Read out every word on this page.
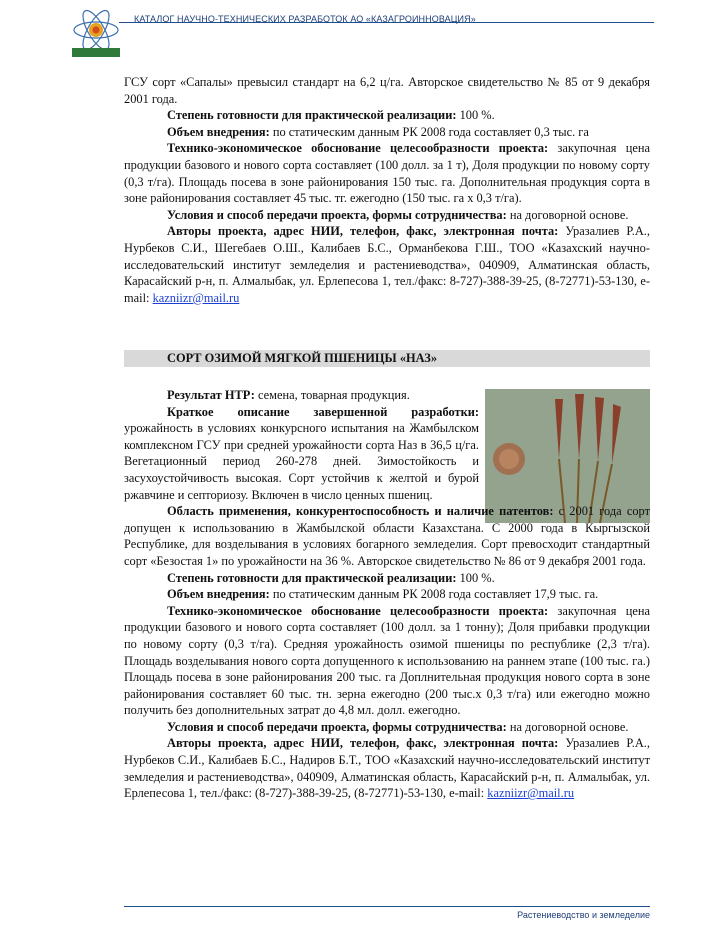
КАТАЛОГ НАУЧНО-ТЕХНИЧЕСКИХ РАЗРАБОТОК АО «КАЗАГРОИННОВАЦИЯ»

ГСУ сорт «Сапалы» превысил стандарт на 6,2 ц/га. Авторское свидетельство № 85 от 9 декабря 2001 года.

Степень готовности для практической реализации: 100 %.

Объем внедрения: по статическим данным РК 2008 года составляет 0,3 тыс. га

Технико-экономическое обоснование целесообразности проекта: закупочная цена продукции базового и нового сорта составляет (100 долл. за 1 т), Доля продукции по новому сорту (0,3 т/га). Площадь посева в зоне районирования 150 тыс. га. Дополнительная продукция сорта в зоне районирования составляет 45 тыс. тг. ежегодно (150 тыс. га х 0,3 т/га).

Условия и способ передачи проекта, формы сотрудничества: на договорной основе.

Авторы проекта, адрес НИИ, телефон, факс, электронная почта: Уразалиев Р.А., Нурбеков С.И., Шегебаев О.Ш., Калибаев Б.С., Орманбекова Г.Ш., ТОО «Казахский научно-исследовательский институт земледелия и растениеводства», 040909, Алматинская область, Карасайский р-н, п. Алмалыбак, ул. Ерлепесова 1, тел./факс: 8-727)-388-39-25, (8-72771)-53-130, e-mail: kazniizr@mail.ru

СОРТ ОЗИМОЙ МЯГКОЙ ПШЕНИЦЫ «НАЗ»

Результат НТР: семена, товарная продукция.

Краткое описание завершенной разработки: урожайность в условиях конкурсного испытания на Жамбылском комплексном ГСУ при средней урожайности сорта Наз в 36,5 ц/га. Вегетационный период 260-278 дней. Зимостойкость и засухоустойчивость высокая. Сорт устойчив к желтой и бурой ржавчине и септориозу. Включен в число ценных пшениц.

Область применения, конкурентоспособность и наличие патентов: с 2001 года сорт допущен к использованию в Жамбылской области Казахстана. С 2000 года в Кыргызской Республике, для возделывания в условиях богарного земледелия. Сорт превосходит стандартный сорт «Безостая 1» по урожайности на 36 %. Авторское свидетельство № 86 от 9 декабря 2001 года.

Степень готовности для практической реализации: 100 %.

Объем внедрения: по статическим данным РК 2008 года составляет 17,9 тыс. га.

Технико-экономическое обоснование целесообразности проекта: закупочная цена продукции базового и нового сорта составляет (100 долл. за 1 тонну); Доля прибавки продукции по новому сорту (0,3 т/га). Средняя урожайность озимой пшеницы по республике (2,3 т/га). Площадь возделывания нового сорта допущенного к использованию на раннем этапе (100 тыс. га.) Площадь посева в зоне районирования 200 тыс. га Доплнительная продукция нового сорта в зоне районирования составляет 60 тыс. тн. зерна ежегодно (200 тыс.х 0,3 т/га) или ежегодно можно получить без дополнительных затрат до 4,8 мл. долл. ежегодно.

Условия и способ передачи проекта, формы сотрудничества: на договорной основе.

Авторы проекта, адрес НИИ, телефон, факс, электронная почта: Уразалиев Р.А., Нурбеков С.И., Калибаев Б.С., Надиров Б.Т., ТОО «Казахский научно-исследовательский институт земледелия и растениеводства», 040909, Алматинская область, Карасайский р-н, п. Алмалыбак, ул. Ерлепесова 1, тел./факс: (8-727)-388-39-25, (8-72771)-53-130, e-mail: kazniizr@mail.ru

Растениеводство и земледелие
